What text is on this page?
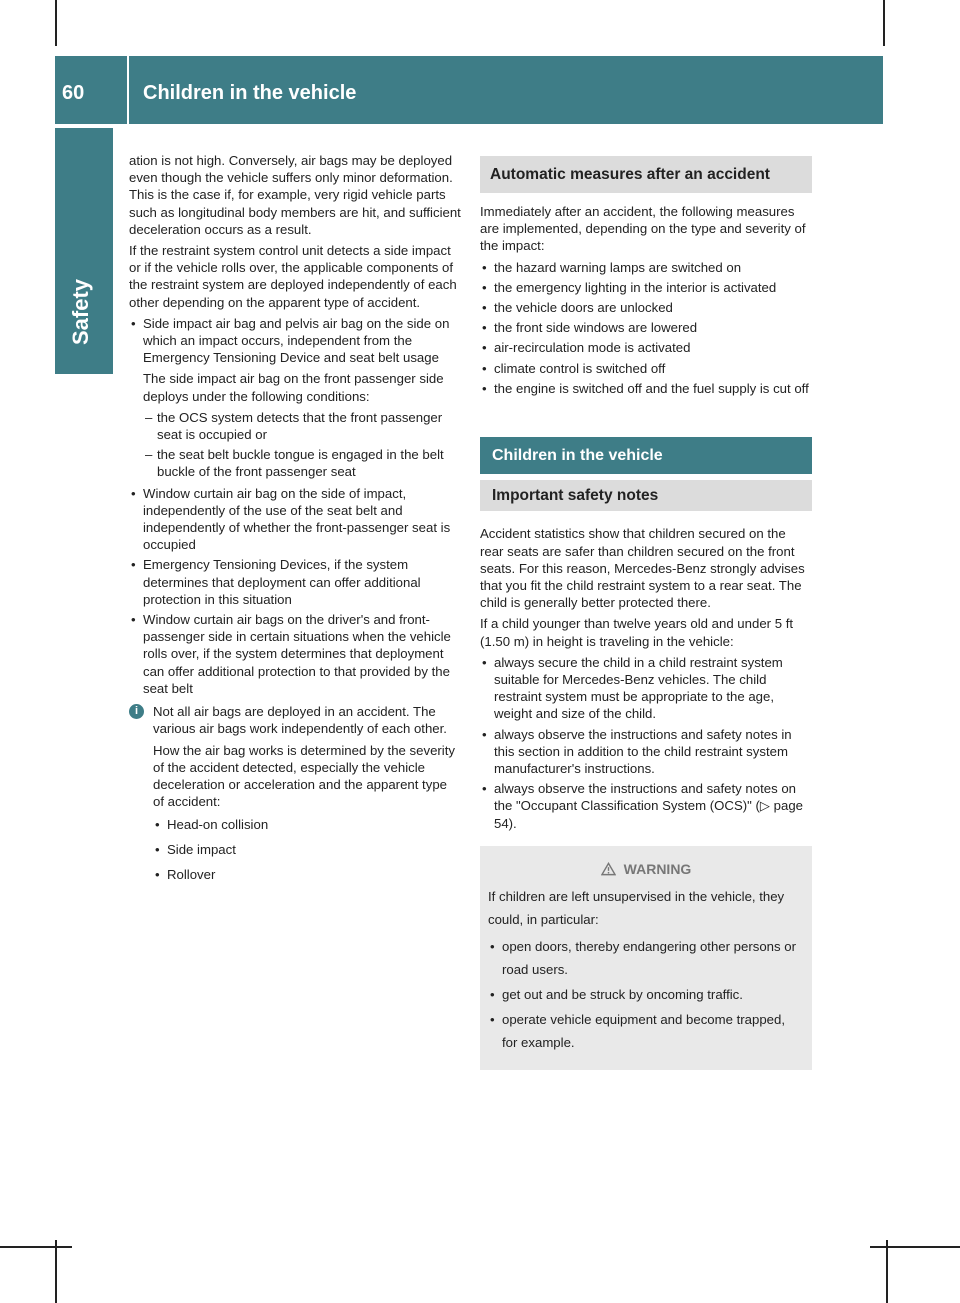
60	Children in the vehicle
Safety

ation is not high. Conversely, air bags may be deployed even though the vehicle suffers only minor deformation. This is the case if, for example, very rigid vehicle parts such as longitudinal body members are hit, and sufficient deceleration occurs as a result.

If the restraint system control unit detects a side impact or if the vehicle rolls over, the applicable components of the restraint system are deployed independently of each other depending on the apparent type of accident.

• Side impact air bag and pelvis air bag on the side on which an impact occurs, independent from the Emergency Tensioning Device and seat belt usage

The side impact air bag on the front passenger side deploys under the following conditions:

– the OCS system detects that the front passenger seat is occupied or
– the seat belt buckle tongue is engaged in the belt buckle of the front passenger seat
• Window curtain air bag on the side of impact, independently of the use of the seat belt and independently of whether the front-passenger seat is occupied
• Emergency Tensioning Devices, if the system determines that deployment can offer additional protection in this situation
• Window curtain air bags on the driver's and front-passenger side in certain situations when the vehicle rolls over, if the system determines that deployment can offer additional protection to that provided by the seat belt
i	Not all air bags are deployed in an accident. The various air bags work independently of each other.

How the air bag works is determined by the severity of the accident detected, especially the vehicle deceleration or acceleration and the apparent type of accident:

• Head-on collision
• Side impact
• Rollover
Automatic measures after an accident

Immediately after an accident, the following measures are implemented, depending on the type and severity of the impact:

• the hazard warning lamps are switched on
• the emergency lighting in the interior is activated
• the vehicle doors are unlocked
• the front side windows are lowered
• air-recirculation mode is activated
• climate control is switched off
• the engine is switched off and the fuel supply is cut off
Children in the vehicle
Important safety notes

Accident statistics show that children secured on the rear seats are safer than children secured on the front seats. For this reason, Mercedes-Benz strongly advises that you fit the child restraint system to a rear seat. The child is generally better protected there.

If a child younger than twelve years old and under 5 ft (1.50 m) in height is traveling in the vehicle:

• always secure the child in a child restraint system suitable for Mercedes-Benz vehicles. The child restraint system must be appropriate to the age, weight and size of the child.
• always observe the instructions and safety notes in this section in addition to the child restraint system manufacturer's instructions.
• always observe the instructions and safety notes on the "Occupant Classification System (OCS)" (▷ page 54).
WARNING

If children are left unsupervised in the vehicle, they could, in particular:

• open doors, thereby endangering other persons or road users.
• get out and be struck by oncoming traffic.
• operate vehicle equipment and become trapped, for example.
